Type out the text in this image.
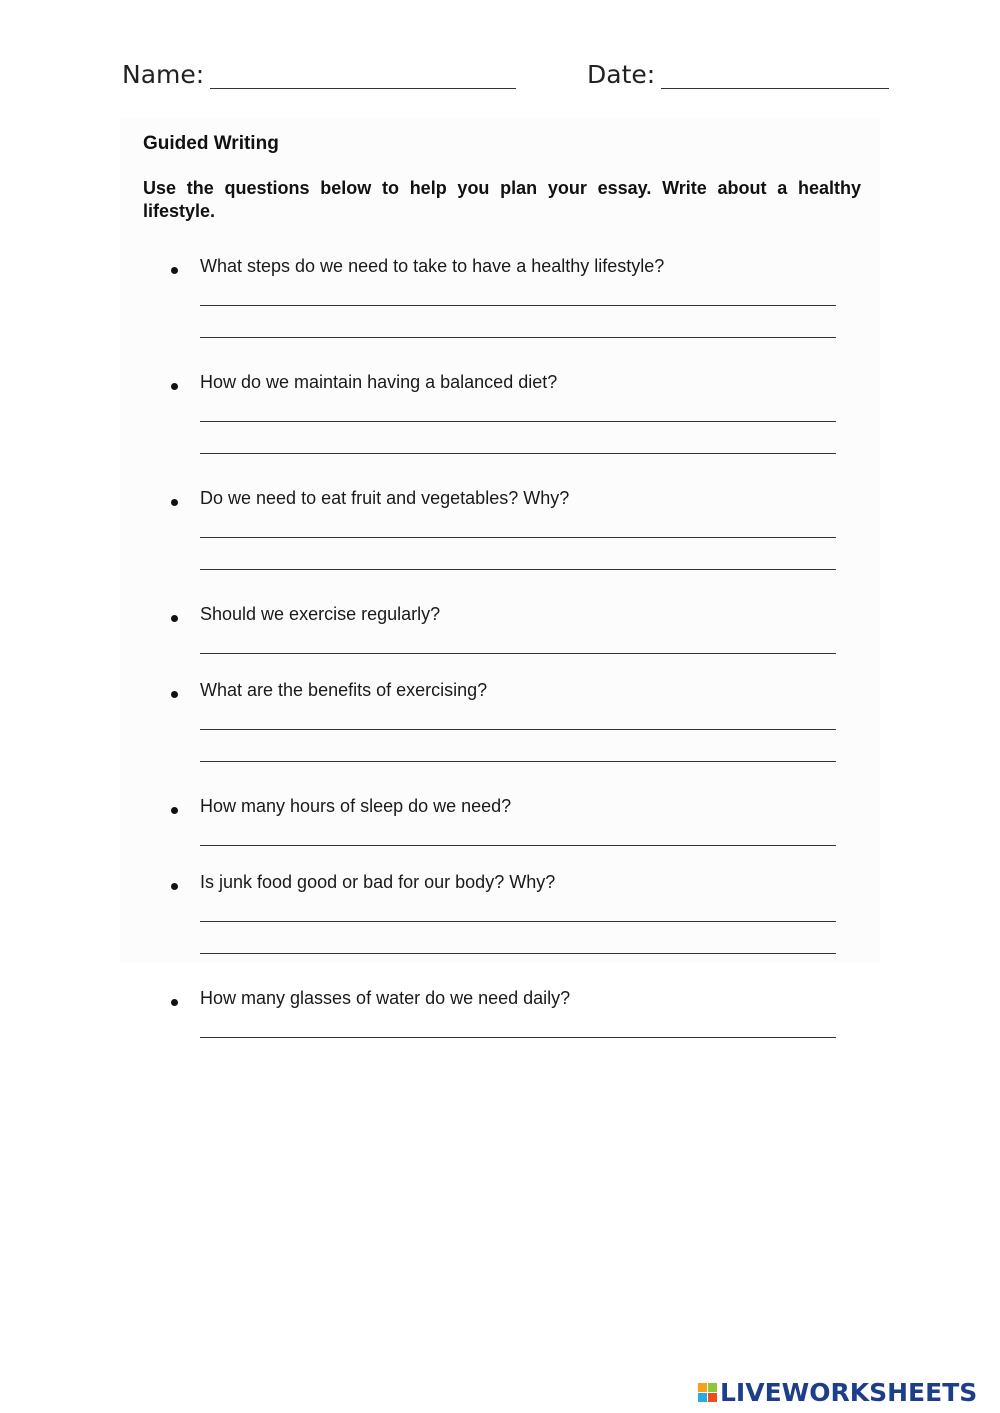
Name:	Date:
Guided Writing
Use the questions below to help you plan your essay. Write about a healthy lifestyle.
What steps do we need to take to have a healthy lifestyle?
How do we maintain having a balanced diet?
Do we need to eat fruit and vegetables? Why?
Should we exercise regularly?
What are the benefits of exercising?
How many hours of sleep do we need?
Is junk food good or bad for our body? Why?
How many glasses of water do we need daily?
LIVEWORKSHEETS
